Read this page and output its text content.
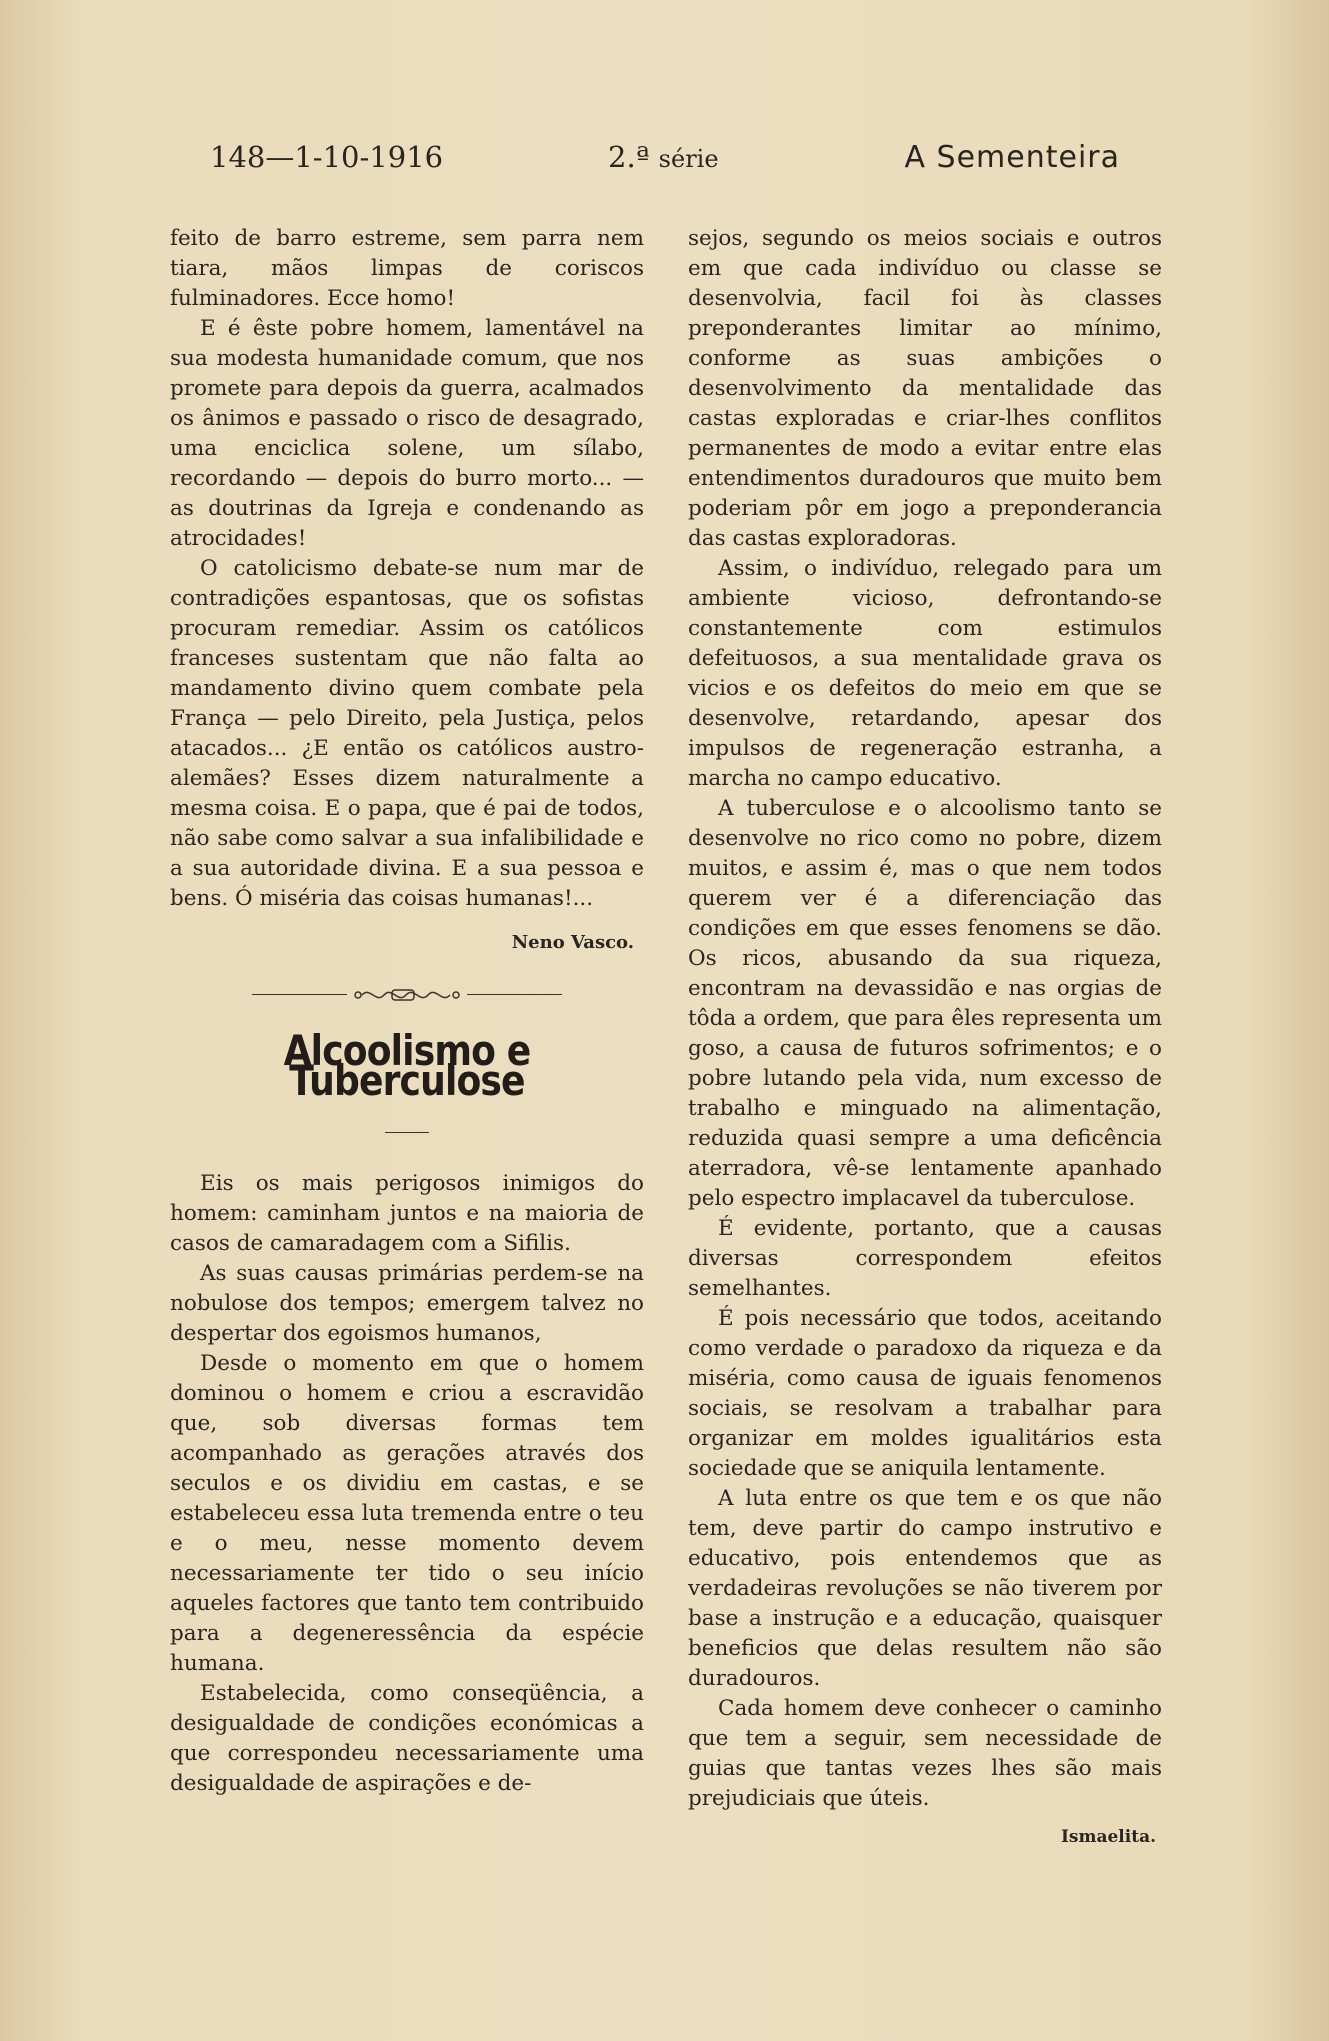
148—1-10-1916	2.ª série	A Sementeira

feito de barro estreme, sem parra nem tiara, mãos limpas de coriscos fulminadores. Ecce homo!

E é êste pobre homem, lamentável na sua modesta humanidade comum, que nos promete para depois da guerra, acalmados os ânimos e passado o risco de desagrado, uma enciclica solene, um sílabo, recordando — depois do burro morto... — as doutrinas da Igreja e condenando as atrocidades!

O catolicismo debate-se num mar de contradições espantosas, que os sofistas procuram remediar. Assim os católicos franceses sustentam que não falta ao mandamento divino quem combate pela França — pelo Direito, pela Justiça, pelos atacados... ¿E então os católicos austro-alemães? Esses dizem naturalmente a mesma coisa. E o papa, que é pai de todos, não sabe como salvar a sua infalibilidade e a sua autoridade divina. E a sua pessoa e bens. Ó miséria das coisas humanas!...

Neno Vasco.
Alcoolismo e Tuberculose

Eis os mais perigosos inimigos do homem: caminham juntos e na maioria de casos de camaradagem com a Sifilis.

As suas causas primárias perdem-se na nobulose dos tempos; emergem talvez no despertar dos egoismos humanos,

Desde o momento em que o homem dominou o homem e criou a escravidão que, sob diversas formas tem acompanhado as gerações através dos seculos e os dividiu em castas, e se estabeleceu essa luta tremenda entre o teu e o meu, nesse momento devem necessariamente ter tido o seu início aqueles factores que tanto tem contribuido para a degeneressência da espécie humana.

Estabelecida, como conseqüência, a desigualdade de condições económicas a que correspondeu necessariamente uma desigualdade de aspirações e de-

sejos, segundo os meios sociais e outros em que cada indivíduo ou classe se desenvolvia, facil foi às classes preponderantes limitar ao mínimo, conforme as suas ambições o desenvolvimento da mentalidade das castas exploradas e criar-lhes conflitos permanentes de modo a evitar entre elas entendimentos duradouros que muito bem poderiam pôr em jogo a preponderancia das castas exploradoras.

Assim, o indivíduo, relegado para um ambiente vicioso, defrontando-se constantemente com estimulos defeituosos, a sua mentalidade grava os vicios e os defeitos do meio em que se desenvolve, retardando, apesar dos impulsos de regeneração estranha, a marcha no campo educativo.

A tuberculose e o alcoolismo tanto se desenvolve no rico como no pobre, dizem muitos, e assim é, mas o que nem todos querem ver é a diferenciação das condições em que esses fenomens se dão. Os ricos, abusando da sua riqueza, encontram na devassidão e nas orgias de tôda a ordem, que para êles representa um goso, a causa de futuros sofrimentos; e o pobre lutando pela vida, num excesso de trabalho e minguado na alimentação, reduzida quasi sempre a uma deficência aterradora, vê-se lentamente apanhado pelo espectro implacavel da tuberculose.

É evidente, portanto, que a causas diversas correspondem efeitos semelhantes.

É pois necessário que todos, aceitando como verdade o paradoxo da riqueza e da miséria, como causa de iguais fenomenos sociais, se resolvam a trabalhar para organizar em moldes igualitários esta sociedade que se aniquila lentamente.

A luta entre os que tem e os que não tem, deve partir do campo instrutivo e educativo, pois entendemos que as verdadeiras revoluções se não tiverem por base a instrução e a educação, quaisquer beneficios que delas resultem não são duradouros.

Cada homem deve conhecer o caminho que tem a seguir, sem necessidade de guias que tantas vezes lhes são mais prejudiciais que úteis.

Ismaelita.
